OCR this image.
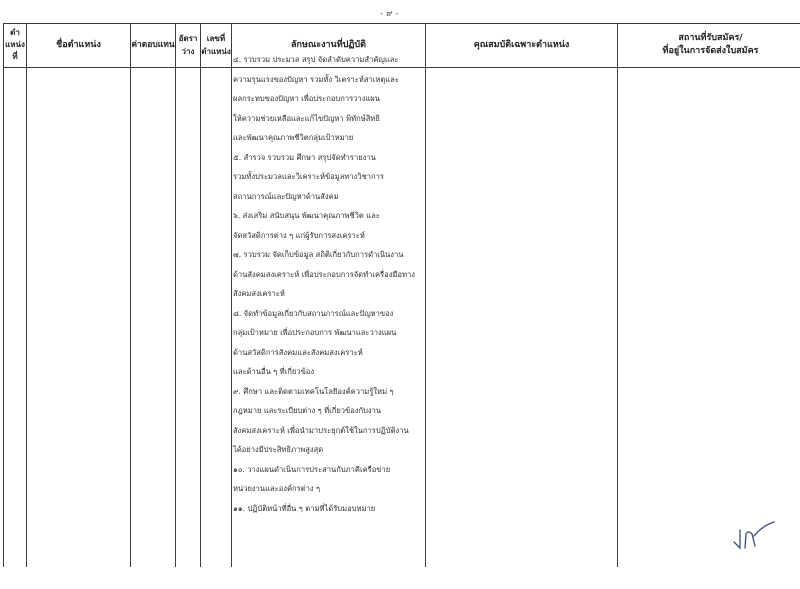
- ๙ -
ตำ
แหน่ง
ที่
ชื่อตำแหน่ง	ค่าตอบแทน
อัตรา
ว่าง
เลขที่
ตำแหน่ง
ลักษณะงานที่ปฏิบัติ	คุณสมบัติเฉพาะตำแหน่ง
สถานที่รับสมัคร/
ที่อยู่ในการจัดส่งใบสมัคร
๔. รวบรวม ประมวล สรุป จัดลำดับความสำคัญและ
ความรุนแรงของปัญหา รวมทั้ง วิเคราะห์สาเหตุและ
ผลกระทบของปัญหา เพื่อประกอบการวางแผน
ให้ความช่วยเหลือและแก้ไขปัญหา พิทักษ์สิทธิ
และพัฒนาคุณภาพชีวิตกลุ่มเป้าหมาย
๕. สำรวจ รวบรวม ศึกษา สรุปจัดทำรายงาน
รวมทั้งประมวลและวิเคราะห์ข้อมูลทางวิชาการ
สถานการณ์และปัญหาด้านสังคม
๖. ส่งเสริม สนับสนุน พัฒนาคุณภาพชีวิต และ
จัดสวัสดิการต่าง ๆ แก่ผู้รับการสงเคราะห์
๗. รวบรวม จัดเก็บข้อมูล สถิติเกี่ยวกับการดำเนินงาน
ด้านสังคมสงเคราะห์ เพื่อประกอบการจัดทำเครื่องมือทาง
สังคมสงเคราะห์
๘. จัดทำข้อมูลเกี่ยวกับสถานการณ์และปัญหาของ
กลุ่มเป้าหมาย เพื่อประกอบการ พัฒนาและวางแผน
ด้านสวัสดิการสังคมและสังคมสงเคราะห์
และด้านอื่น ๆ ที่เกี่ยวข้อง
๙. ศึกษา และติดตามเทคโนโลยีองค์ความรู้ใหม่ ๆ
กฎหมาย และระเบียบต่าง ๆ ที่เกี่ยวข้องกับงาน
สังคมสงเคราะห์ เพื่อนำมาประยุกต์ใช้ในการปฏิบัติงาน
ได้อย่างมีประสิทธิภาพสูงสุด
๑๐. วางแผนดำเนินการประสานกับภาคีเครือข่าย
หน่วยงานและองค์กรต่าง ๆ
๑๑. ปฏิบัติหน้าที่อื่น ๆ ตามที่ได้รับมอบหมาย
